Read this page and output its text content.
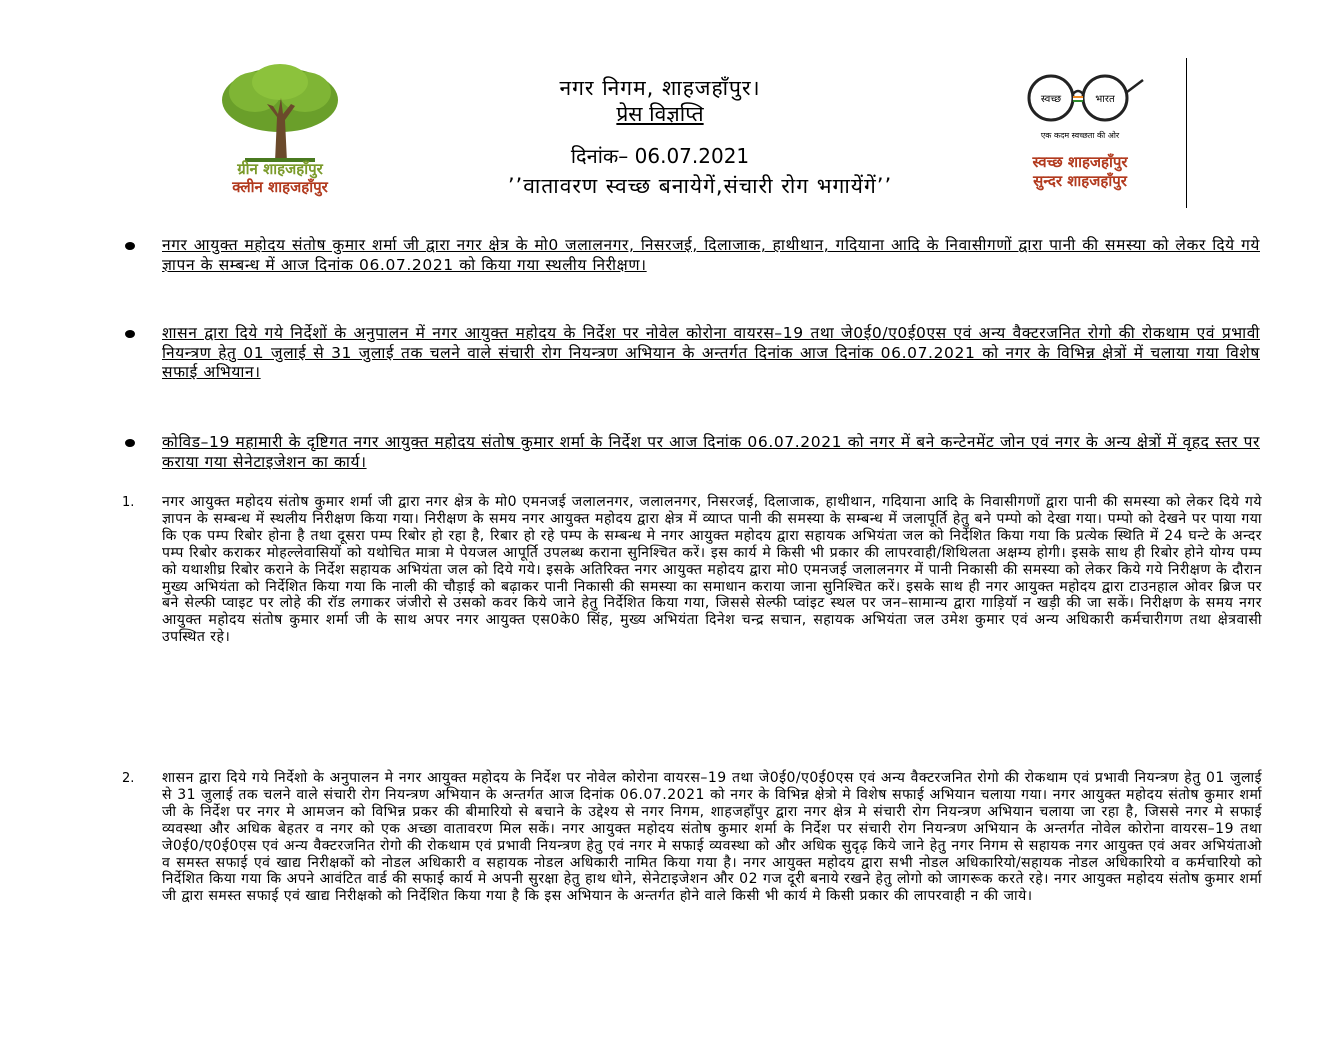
ग्रीन शाहजहाँपुर
क्लीन शाहजहाँपुर
नगर निगम, शाहजहाँपुर।
प्रेस विज्ञप्ति
दिनांक– 06.07.2021
’’वातावरण स्वच्छ बनायेगें,संचारी रोग भगायेंगें’’
स्वच्छ	भारत
एक कदम स्वच्छता की ओर
स्वच्छ शाहजहाँपुर
सुन्दर शाहजहाँपुर
नगर आयुक्त महोदय संतोष कुमार शर्मा जी द्वारा नगर क्षेत्र के मो0 जलालनगर, निसरजई, दिलाजाक, हाथीथान, गदियाना आदि के निवासीगणों द्वारा पानी की समस्या को लेकर दिये गये ज्ञापन के सम्बन्ध में आज दिनांक 06.07.2021 को किया गया स्थलीय निरीक्षण।
शासन द्वारा दिये गये निर्देशों के अनुपालन में नगर आयुक्त महोदय के निर्देश पर नोवेल कोरोना वायरस–19 तथा जे0ई0/ए0ई0एस एवं अन्य वैक्टरजनित रोगो की रोकथाम एवं प्रभावी नियन्त्रण हेतु 01 जुलाई से 31 जुलाई तक चलने वाले संचारी रोग नियन्त्रण अभियान के अन्तर्गत दिनांक आज दिनांक 06.07.2021 को नगर के विभिन्न क्षेत्रों में चलाया गया विशेष सफाई अभियान।
कोविड–19 महामारी के दृष्टिगत नगर आयुक्त महोदय संतोष कुमार शर्मा के निर्देश पर आज दिनांक 06.07.2021 को नगर में बने कन्टेनमेंट जोन एवं नगर के अन्य क्षेत्रों में वृहद स्तर पर कराया गया सेनेटाइजेशन का कार्य।
1. नगर आयुक्त महोदय संतोष कुमार शर्मा जी द्वारा नगर क्षेत्र के मो0 एमनजई जलालनगर, जलालनगर, निसरजई, दिलाजाक, हाथीथान, गदियाना आदि के निवासीगणों द्वारा पानी की समस्या को लेकर दिये गये ज्ञापन के सम्बन्ध में स्थलीय निरीक्षण किया गया। निरीक्षण के समय नगर आयुक्त महोदय द्वारा क्षेत्र में व्याप्त पानी की समस्या के सम्बन्ध में जलापूर्ति हेतु बने पम्पो को देखा गया। पम्पो को देखने पर पाया गया कि एक पम्प रिबोर होना है तथा दूसरा पम्प रिबोर हो रहा है, रिबार हो रहे पम्प के सम्बन्ध मे नगर आयुक्त महोदय द्वारा सहायक अभियंता जल को निर्देशित किया गया कि प्रत्येक स्थिति में 24 घन्टे के अन्दर पम्प रिबोर कराकर मोहल्लेवासियों को यथोचित मात्रा मे पेयजल आपूर्ति उपलब्ध कराना सुनिश्चित करें। इस कार्य मे किसी भी प्रकार की लापरवाही/शिथिलता अक्षम्य होगी। इसके साथ ही रिबोर होने योग्य पम्प को यथाशीघ्र रिबोर कराने के निर्देश सहायक अभियंता जल को दिये गये। इसके अतिरिक्त नगर आयुक्त महोदय द्वारा मो0 एमनजई जलालनगर में पानी निकासी की समस्या को लेकर किये गये निरीक्षण के दौरान मुख्य अभियंता को निर्देशित किया गया कि नाली की चौड़ाई को बढ़ाकर पानी निकासी की समस्या का समाधान कराया जाना सुनिश्चित करें। इसके साथ ही नगर आयुक्त महोदय द्वारा टाउनहाल ओवर ब्रिज पर बने सेल्फी प्वाइट पर लोहे की रॉड लगाकर जंजीरो से उसको कवर किये जाने हेतु निर्देशित किया गया, जिससे सेल्फी प्वांइट स्थल पर जन–सामान्य द्वारा गाड़ियॉ न खड़ी की जा सकें। निरीक्षण के समय नगर आयुक्त महोदय संतोष कुमार शर्मा जी के साथ अपर नगर आयुक्त एस0के0 सिंह, मुख्य अभियंता दिनेश चन्द्र सचान, सहायक अभियंता जल उमेश कुमार एवं अन्य अधिकारी कर्मचारीगण तथा क्षेत्रवासी उपस्थित रहे।
2. शासन द्वारा दिये गये निर्देशो के अनुपालन मे नगर आयुक्त महोदय के निर्देश पर नोवेल कोरोना वायरस–19 तथा जे0ई0/ए0ई0एस एवं अन्य वैक्टरजनित रोगो की रोकथाम एवं प्रभावी नियन्त्रण हेतु 01 जुलाई से 31 जुलाई तक चलने वाले संचारी रोग नियन्त्रण अभियान के अन्तर्गत आज दिनांक 06.07.2021 को नगर के विभिन्न क्षेत्रो मे विशेष सफाई अभियान चलाया गया। नगर आयुक्त महोदय संतोष कुमार शर्मा जी के निर्देश पर नगर मे आमजन को विभिन्न प्रकर की बीमारियो से बचाने के उद्देश्य से नगर निगम, शाहजहाँपुर द्वारा नगर क्षेत्र मे संचारी रोग नियन्त्रण अभियान चलाया जा रहा है, जिससे नगर मे सफाई व्यवस्था और अधिक बेहतर व नगर को एक अच्छा वातावरण मिल सकें। नगर आयुक्त महोदय संतोष कुमार शर्मा के निर्देश पर संचारी रोग नियन्त्रण अभियान के अन्तर्गत नोवेल कोरोना वायरस–19 तथा जे0ई0/ए0ई0एस एवं अन्य वैक्टरजनित रोगो की रोकथाम एवं प्रभावी नियन्त्रण हेतु एवं नगर मे सफाई व्यवस्था को और अधिक सुदृढ़ किये जाने हेतु नगर निगम से सहायक नगर आयुक्त एवं अवर अभियंताओ व समस्त सफाई एवं खाद्य निरीक्षकों को नोडल अधिकारी व सहायक नोडल अधिकारी नामित किया गया है। नगर आयुक्त महोदय द्वारा सभी नोडल अधिकारियो/सहायक नोडल अधिकारियो व कर्मचारियो को निर्देशित किया गया कि अपने आवंटित वार्ड की सफाई कार्य मे अपनी सुरक्षा हेतु हाथ धोने, सेनेटाइजेशन और 02 गज दूरी बनाये रखने हेतु लोगो को जागरूक करते रहे। नगर आयुक्त महोदय संतोष कुमार शर्मा जी द्वारा समस्त सफाई एवं खाद्य निरीक्षको को निर्देशित किया गया है कि इस अभियान के अन्तर्गत होने वाले किसी भी कार्य मे किसी प्रकार की लापरवाही न की जाये।
